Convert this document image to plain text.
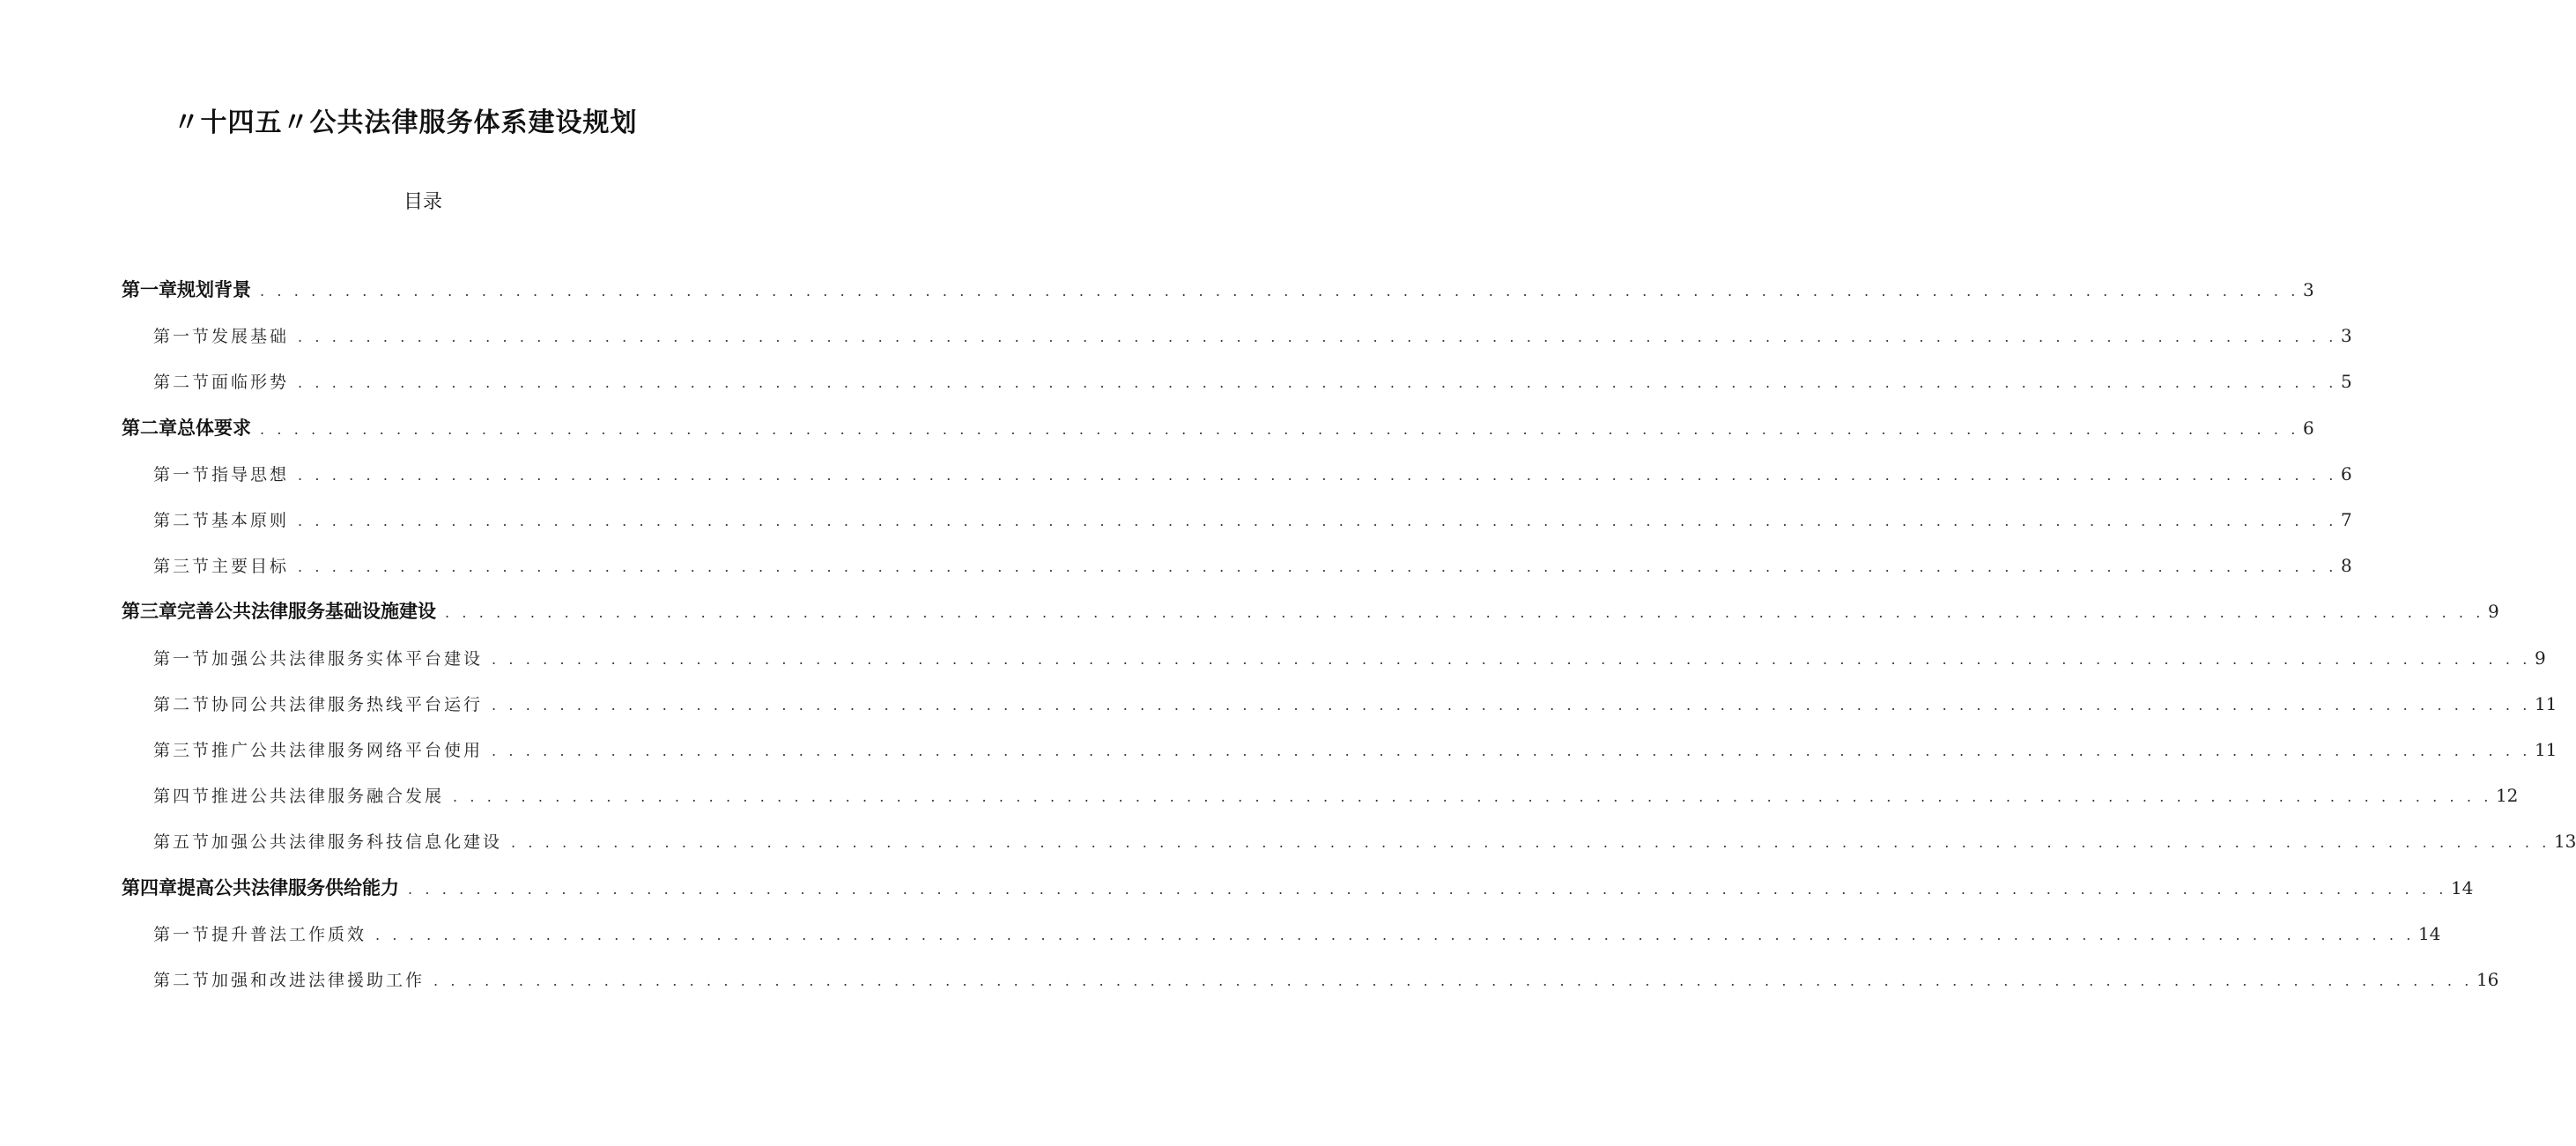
〃十四五〃公共法律服务体系建设规划
目录
第一章规划背景 . . . . . . . . . . . . . . . . . . . . . . . . . . . . . . . . . . . . . . . . . . . . . . . . . . . . . . . . . . . . . . . . . . . . . . . . . . . . . . . . . . . . . . . . . . . . . . . . . . . . . . . . . . . . . . . . . . . . . . . . 3
第一节发展基础 . . . . . . . . . . . . . . . . . . . . . . . . . . . . . . . . . . . . . . . . . . . . . . . . . . . . . . . . . . . . . . . . . . . . . . . . . . . . . . . . . . . . . . . . . . . . . . . . . . . . . . . . . . . . . . . . . . . . . . . . 3
第二节面临形势 . . . . . . . . . . . . . . . . . . . . . . . . . . . . . . . . . . . . . . . . . . . . . . . . . . . . . . . . . . . . . . . . . . . . . . . . . . . . . . . . . . . . . . . . . . . . . . . . . . . . . . . . . . . . . . . . . . . . . . . . 5
第二章总体要求 . . . . . . . . . . . . . . . . . . . . . . . . . . . . . . . . . . . . . . . . . . . . . . . . . . . . . . . . . . . . . . . . . . . . . . . . . . . . . . . . . . . . . . . . . . . . . . . . . . . . . . . . . . . . . . . . . . . . . . . . 6
第一节指导思想 . . . . . . . . . . . . . . . . . . . . . . . . . . . . . . . . . . . . . . . . . . . . . . . . . . . . . . . . . . . . . . . . . . . . . . . . . . . . . . . . . . . . . . . . . . . . . . . . . . . . . . . . . . . . . . . . . . . . . . . . 6
第二节基本原则 . . . . . . . . . . . . . . . . . . . . . . . . . . . . . . . . . . . . . . . . . . . . . . . . . . . . . . . . . . . . . . . . . . . . . . . . . . . . . . . . . . . . . . . . . . . . . . . . . . . . . . . . . . . . . . . . . . . . . . . . 7
第三节主要目标 . . . . . . . . . . . . . . . . . . . . . . . . . . . . . . . . . . . . . . . . . . . . . . . . . . . . . . . . . . . . . . . . . . . . . . . . . . . . . . . . . . . . . . . . . . . . . . . . . . . . . . . . . . . . . . . . . . . . . . . . 8
第三章完善公共法律服务基础设施建设 . . . . . . . . . . . . . . . . . . . . . . . . . . . . . . . . . . . . . . . . . . . . . . . . . . . . . . . . . . . . . . . . . . . . . . . . . . . . . . . . . . . . . . . . . . . . . . . . . . . . . . . . . . . . . . . . . . . . . . . . 9
第一节加强公共法律服务实体平台建设 . . . . . . . . . . . . . . . . . . . . . . . . . . . . . . . . . . . . . . . . . . . . . . . . . . . . . . . . . . . . . . . . . . . . . . . . . . . . . . . . . . . . . . . . . . . . . . . . . . . . . . . . . . . . . . . . . . . . . . . . 9
第二节协同公共法律服务热线平台运行 . . . . . . . . . . . . . . . . . . . . . . . . . . . . . . . . . . . . . . . . . . . . . . . . . . . . . . . . . . . . . . . . . . . . . . . . . . . . . . . . . . . . . . . . . . . . . . . . . . . . . . . . . . . . . . . . . . . . . . . . 11
第三节推广公共法律服务网络平台使用 . . . . . . . . . . . . . . . . . . . . . . . . . . . . . . . . . . . . . . . . . . . . . . . . . . . . . . . . . . . . . . . . . . . . . . . . . . . . . . . . . . . . . . . . . . . . . . . . . . . . . . . . . . . . . . . . . . . . . . . . 11
第四节推进公共法律服务融合发展 . . . . . . . . . . . . . . . . . . . . . . . . . . . . . . . . . . . . . . . . . . . . . . . . . . . . . . . . . . . . . . . . . . . . . . . . . . . . . . . . . . . . . . . . . . . . . . . . . . . . . . . . . . . . . . . . . . . . . . . . 12
第五节加强公共法律服务科技信息化建设 . . . . . . . . . . . . . . . . . . . . . . . . . . . . . . . . . . . . . . . . . . . . . . . . . . . . . . . . . . . . . . . . . . . . . . . . . . . . . . . . . . . . . . . . . . . . . . . . . . . . . . . . . . . . . . . . . . . . . . . . 13
第四章提高公共法律服务供给能力 . . . . . . . . . . . . . . . . . . . . . . . . . . . . . . . . . . . . . . . . . . . . . . . . . . . . . . . . . . . . . . . . . . . . . . . . . . . . . . . . . . . . . . . . . . . . . . . . . . . . . . . . . . . . . . . . . . . . . . . . 14
第一节提升普法工作质效 . . . . . . . . . . . . . . . . . . . . . . . . . . . . . . . . . . . . . . . . . . . . . . . . . . . . . . . . . . . . . . . . . . . . . . . . . . . . . . . . . . . . . . . . . . . . . . . . . . . . . . . . . . . . . . . . . . . . . . . . 14
第二节加强和改进法律援助工作 . . . . . . . . . . . . . . . . . . . . . . . . . . . . . . . . . . . . . . . . . . . . . . . . . . . . . . . . . . . . . . . . . . . . . . . . . . . . . . . . . . . . . . . . . . . . . . . . . . . . . . . . . . . . . . . . . . . . . . . . 16
